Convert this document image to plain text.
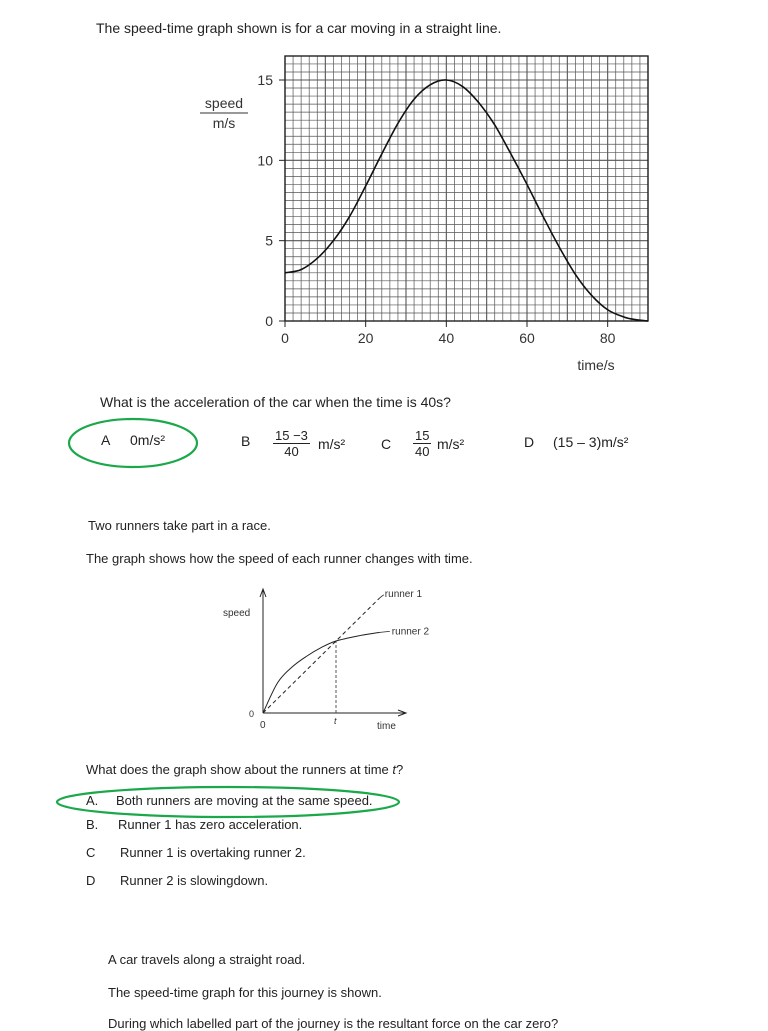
The speed-time graph shown is for a car moving in a straight line.
0
5
10
15
0	20	40	60	80
speed
m/s
time/s
What is the acceleration of the car when the time is 40s?
A 0m/s²	B $\frac{15 -3}{40} m/s^2$	C $\frac{15}{40} m/s^2$	D (15 – 3)m/s²
Two runners take part in a race.
The graph shows how the speed of each runner changes with time.
speed
time
0
0	t
runner 1
runner 2
What does the graph show about the runners at time t?
A. Both runners are moving at the same speed.
B. Runner 1 has zero acceleration.
C Runner 1 is overtaking runner 2.
D Runner 2 is slowingdown.
A car travels along a straight road.
The speed-time graph for this journey is shown.
During which labelled part of the journey is the resultant force on the car zero?
